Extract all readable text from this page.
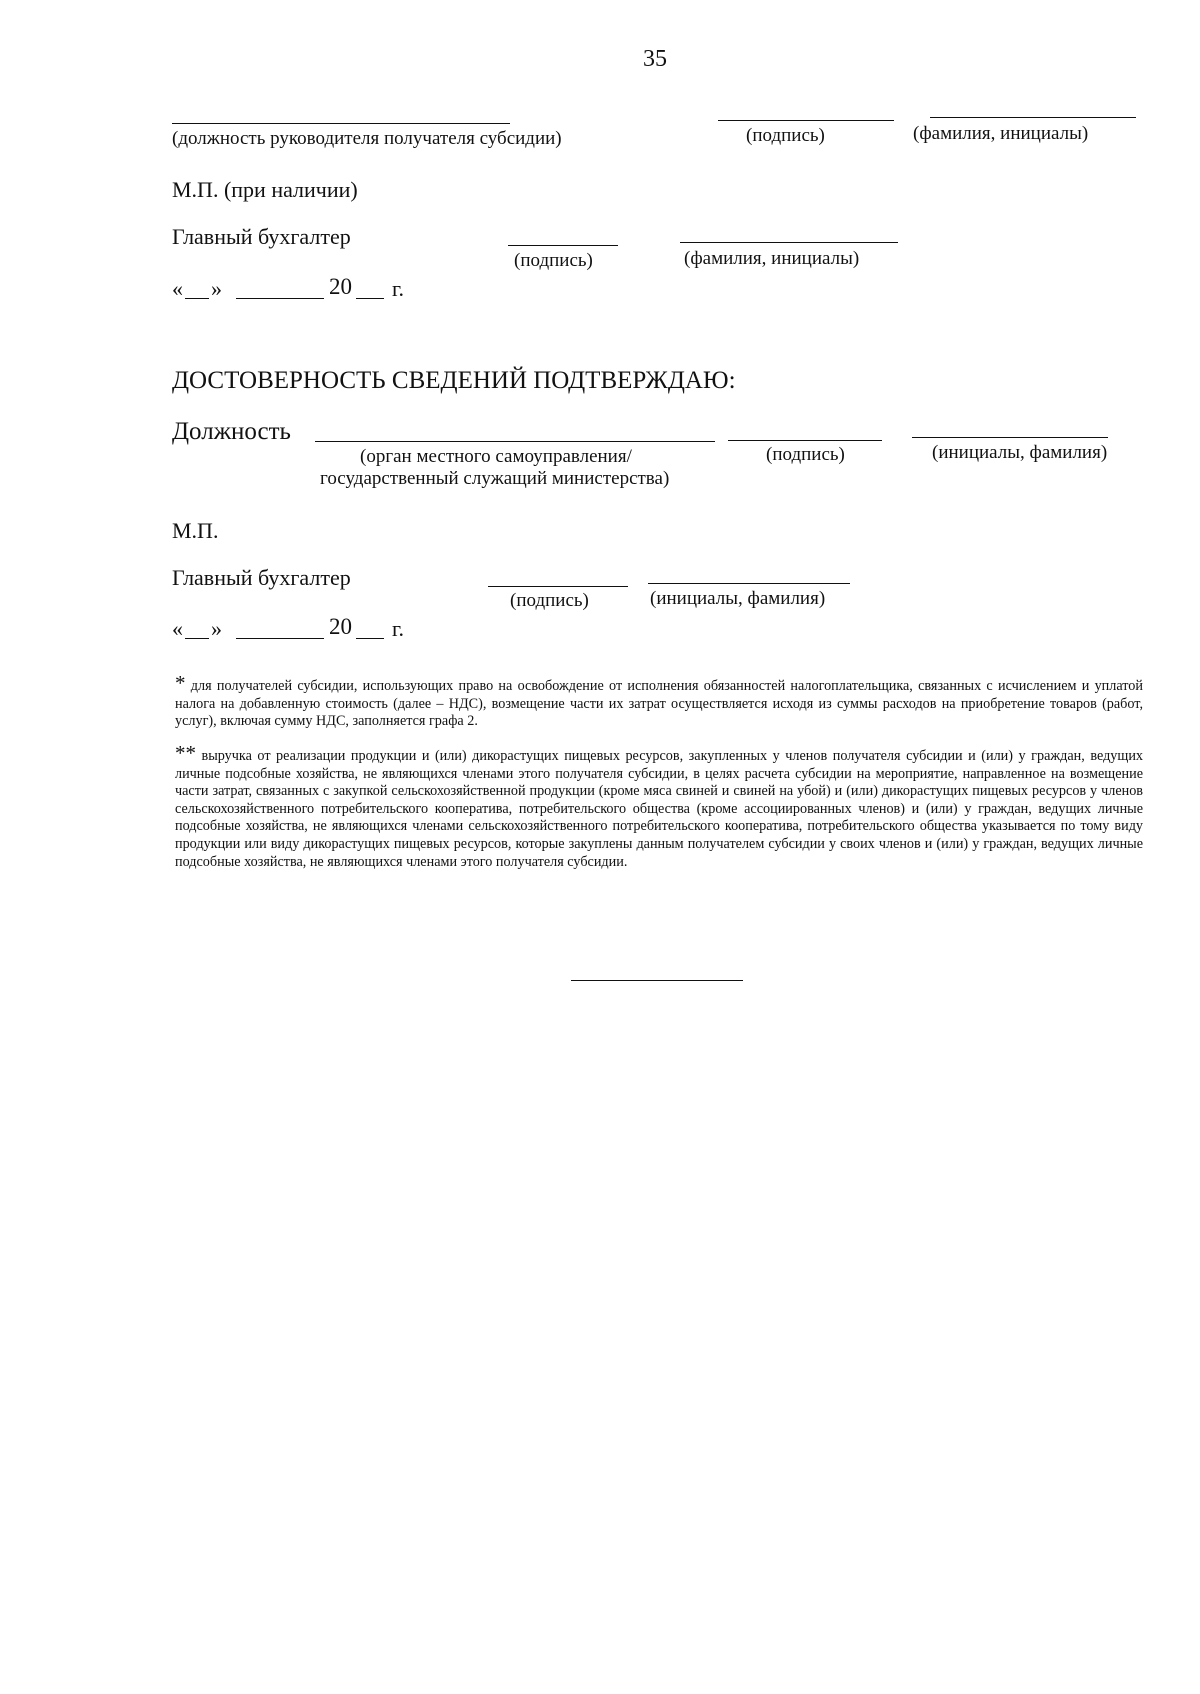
35
(должность руководителя получателя субсидии)	(подпись)	(фамилия, инициалы)
М.П. (при наличии)
Главный бухгалтер
(подпись)	(фамилия, инициалы)
« »	20 г.
ДОСТОВЕРНОСТЬ СВЕДЕНИЙ ПОДТВЕРЖДАЮ:
Должность
(орган местного самоуправления/
государственный служащий министерства)
(подпись)	(инициалы, фамилия)
М.П.
Главный бухгалтер
(подпись)	(инициалы, фамилия)
« »	20 г.
* для получателей субсидии, использующих право на освобождение от исполнения обязанностей налогоплательщика, связанных с исчислением и уплатой налога на добавленную стоимость (далее – НДС), возмещение части их затрат осуществляется исходя из суммы расходов на приобретение товаров (работ, услуг), включая сумму НДС, заполняется графа 2.
** выручка от реализации продукции и (или) дикорастущих пищевых ресурсов, закупленных у членов получателя субсидии и (или) у граждан, ведущих личные подсобные хозяйства, не являющихся членами этого получателя субсидии, в целях расчета субсидии на мероприятие, направленное на возмещение части затрат, связанных с закупкой сельскохозяйственной продукции (кроме мяса свиней и свиней на убой) и (или) дикорастущих пищевых ресурсов у членов сельскохозяйственного потребительского кооператива, потребительского общества (кроме ассоциированных членов) и (или) у граждан, ведущих личные подсобные хозяйства, не являющихся членами сельскохозяйственного потребительского кооператива, потребительского общества указывается по тому виду продукции или виду дикорастущих пищевых ресурсов, которые закуплены данным получателем субсидии у своих членов и (или) у граждан, ведущих личные подсобные хозяйства, не являющихся членами этого получателя субсидии.
